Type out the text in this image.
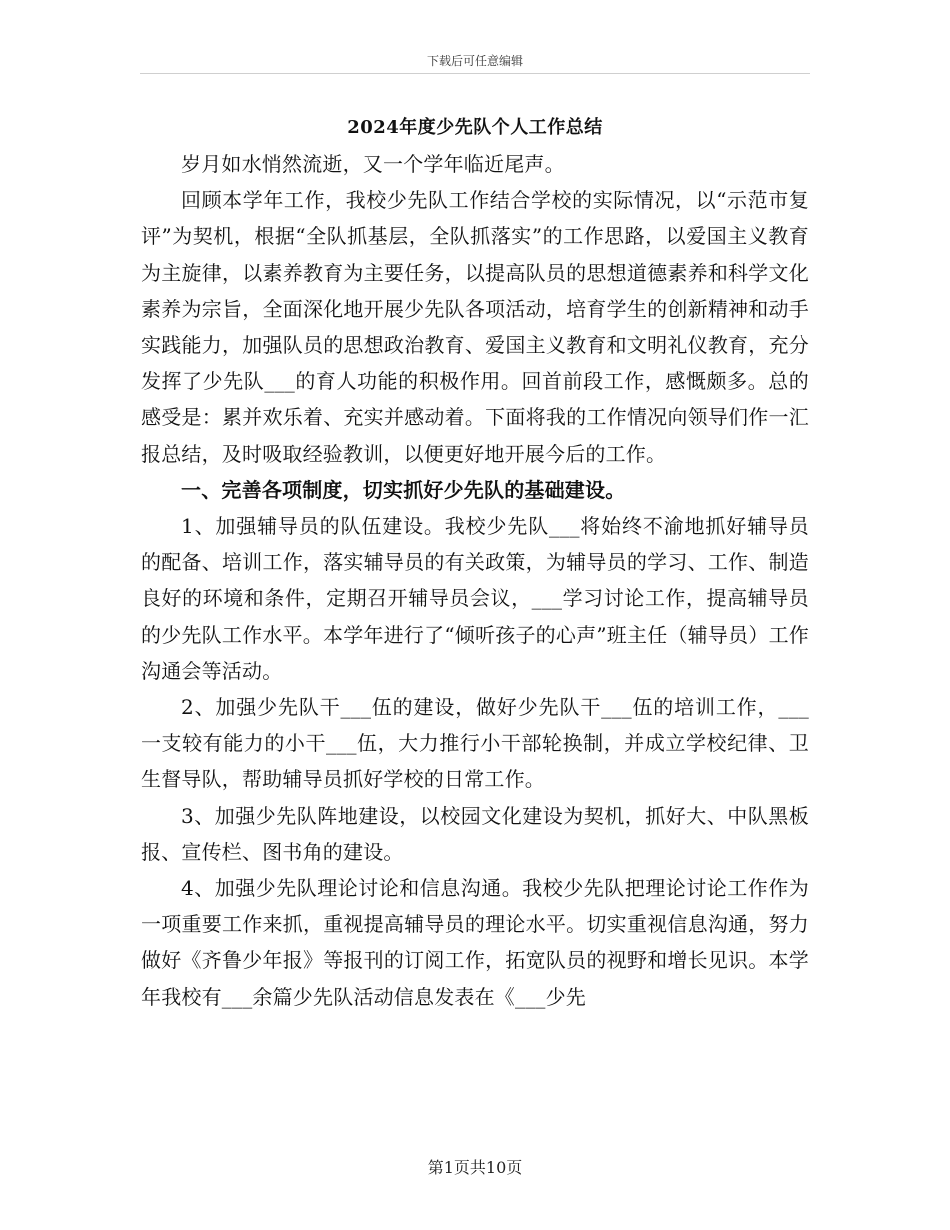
下载后可任意编辑
2024年度少先队个人工作总结

岁月如水悄然流逝，又一个学年临近尾声。

回顾本学年工作，我校少先队工作结合学校的实际情况，以“示范市复评”为契机，根据“全队抓基层，全队抓落实”的工作思路，以爱国主义教育为主旋律，以素养教育为主要任务，以提高队员的思想道德素养和科学文化素养为宗旨，全面深化地开展少先队各项活动，培育学生的创新精神和动手实践能力，加强队员的思想政治教育、爱国主义教育和文明礼仪教育，充分发挥了少先队___的育人功能的积极作用。回首前段工作，感慨颇多。总的感受是：累并欢乐着、充实并感动着。下面将我的工作情况向领导们作一汇报总结，及时吸取经验教训，以便更好地开展今后的工作。

一、完善各项制度，切实抓好少先队的基础建设。

1、加强辅导员的队伍建设。我校少先队___将始终不渝地抓好辅导员的配备、培训工作，落实辅导员的有关政策，为辅导员的学习、工作、制造良好的环境和条件，定期召开辅导员会议，___学习讨论工作，提高辅导员的少先队工作水平。本学年进行了“倾听孩子的心声”班主任（辅导员）工作沟通会等活动。

2、加强少先队干___伍的建设，做好少先队干___伍的培训工作，___一支较有能力的小干___伍，大力推行小干部轮换制，并成立学校纪律、卫生督导队，帮助辅导员抓好学校的日常工作。

3、加强少先队阵地建设，以校园文化建设为契机，抓好大、中队黑板报、宣传栏、图书角的建设。

4、加强少先队理论讨论和信息沟通。我校少先队把理论讨论工作作为一项重要工作来抓，重视提高辅导员的理论水平。切实重视信息沟通，努力做好《齐鲁少年报》等报刊的订阅工作，拓宽队员的视野和增长见识。本学年我校有___余篇少先队活动信息发表在《___少先

第1页共10页
